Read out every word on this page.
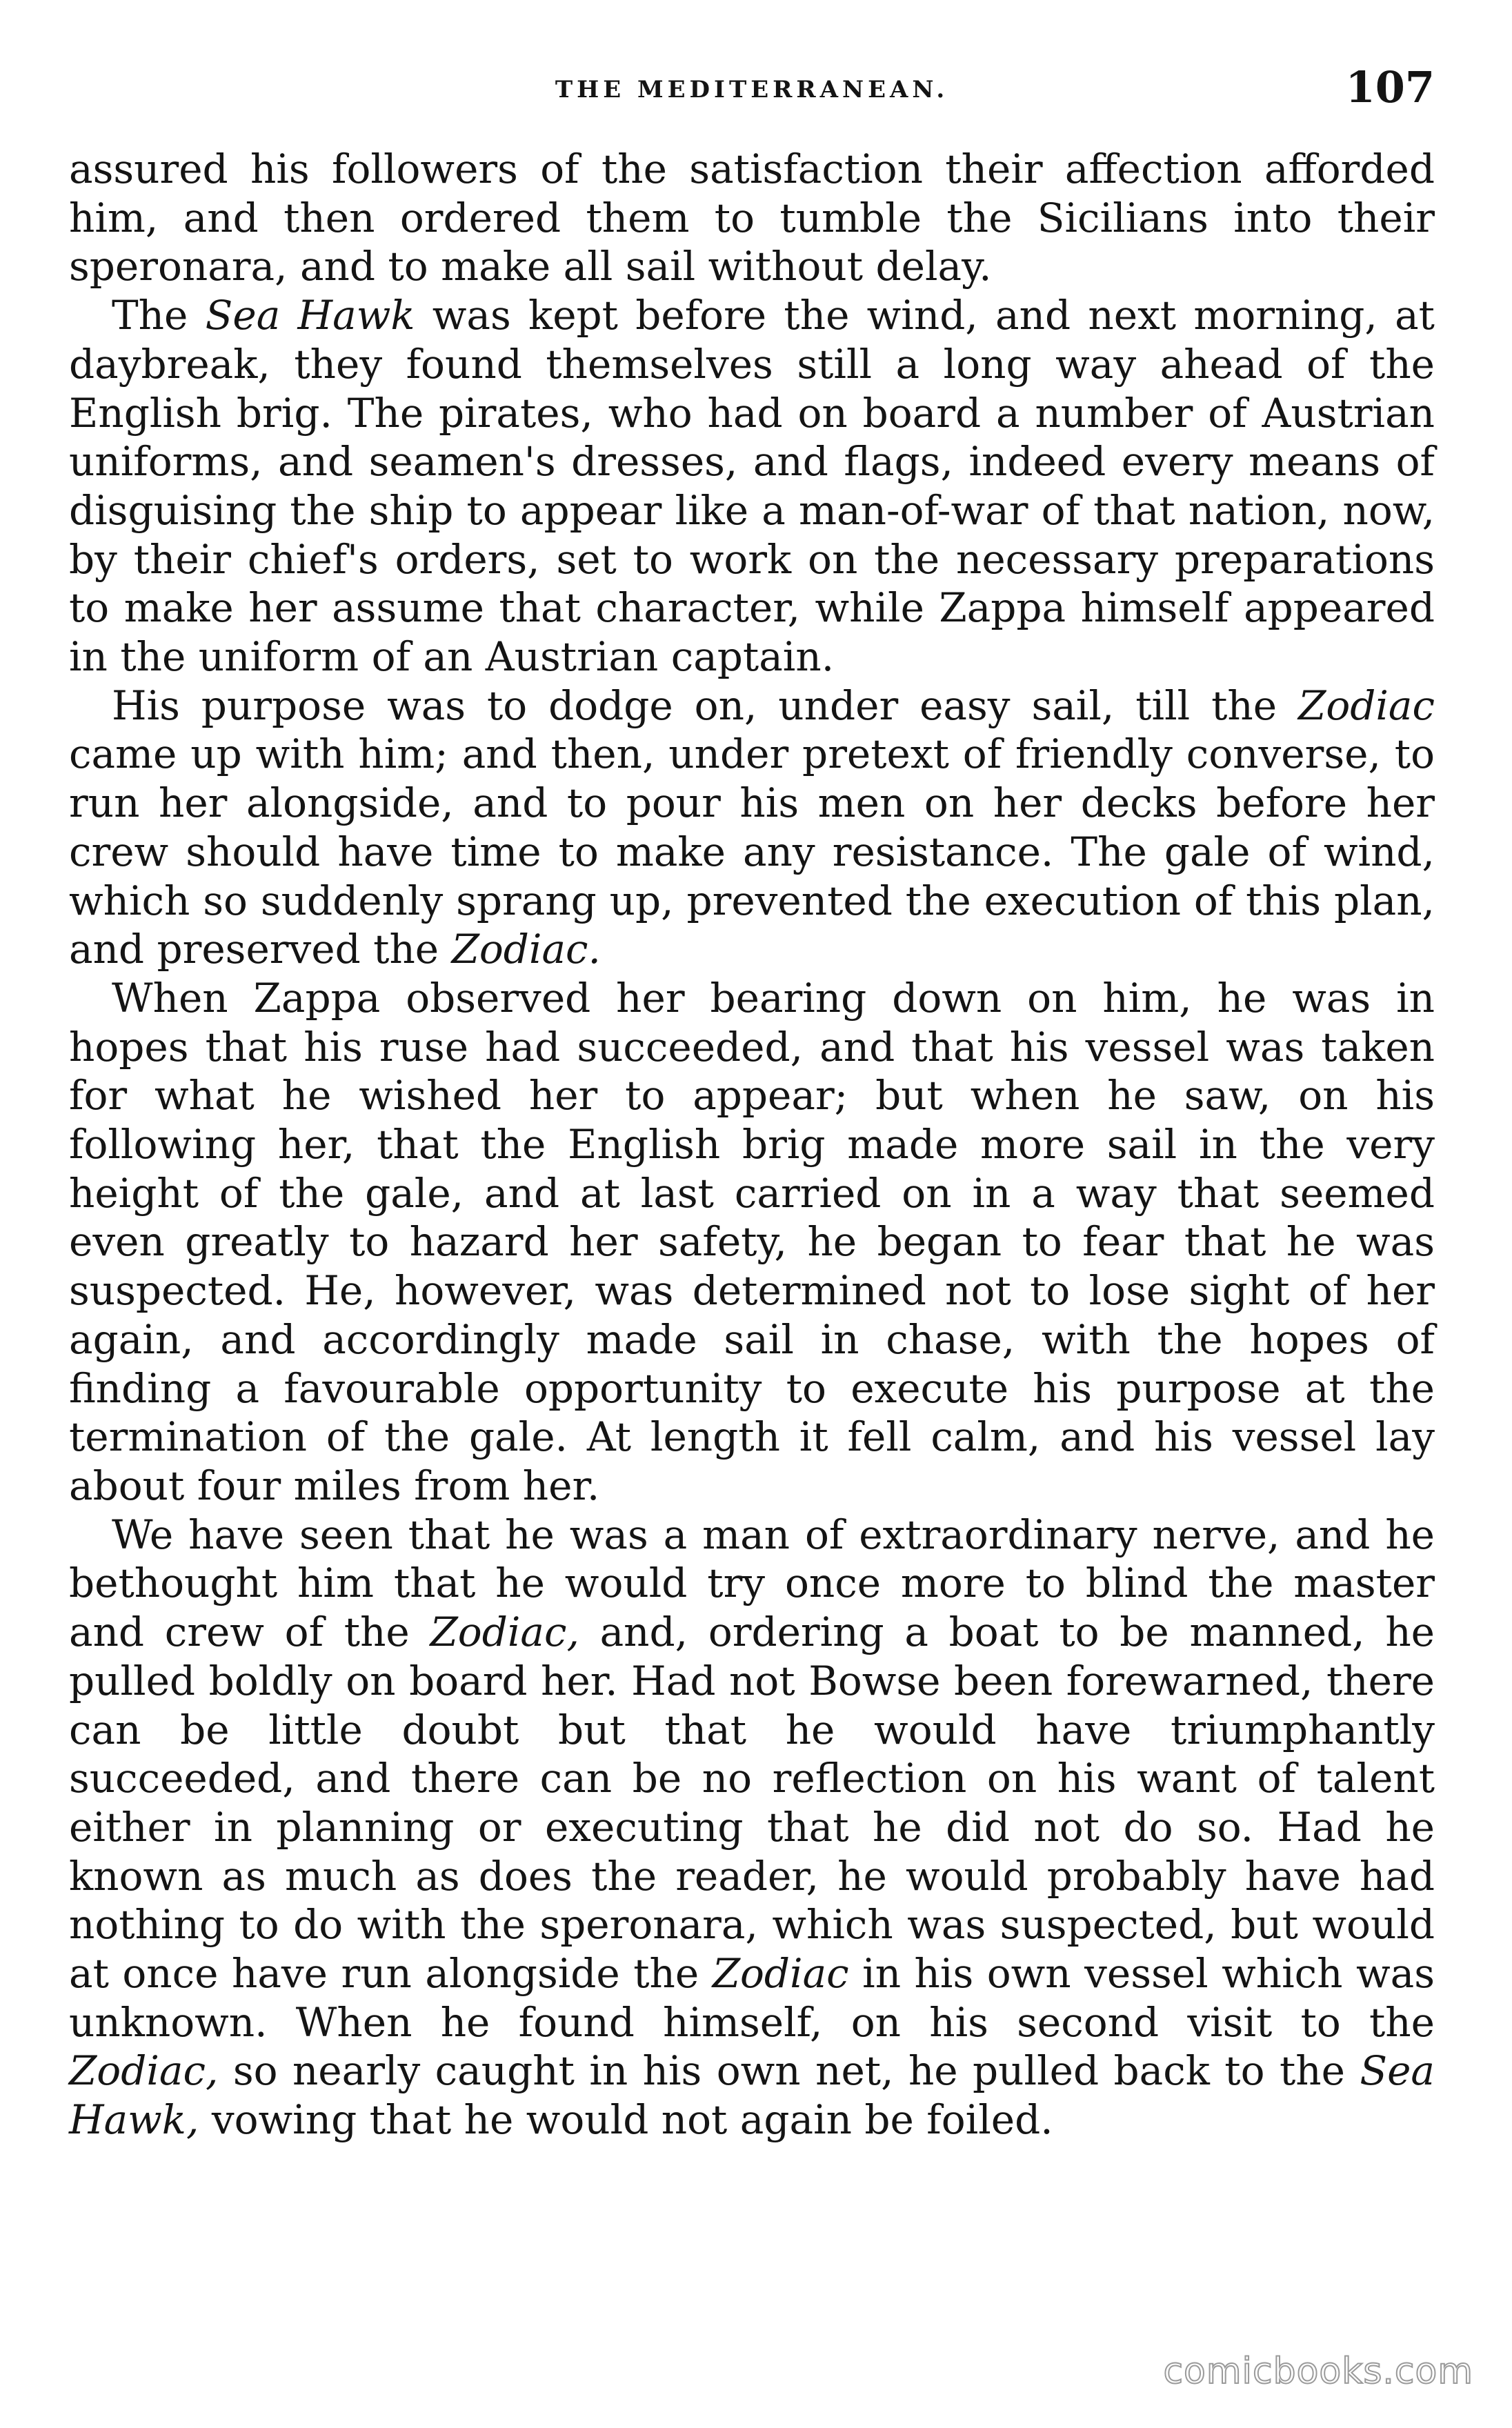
THE MEDITERRANEAN.	107

assured his followers of the satisfaction their affection afforded him, and then ordered them to tumble the Sicilians into their speronara, and to make all sail without delay.

The Sea Hawk was kept before the wind, and next morning, at daybreak, they found themselves still a long way ahead of the English brig. The pirates, who had on board a number of Austrian uniforms, and seamen's dresses, and flags, indeed every means of disguising the ship to appear like a man-of-war of that nation, now, by their chief's orders, set to work on the necessary preparations to make her assume that character, while Zappa himself appeared in the uniform of an Austrian captain.

His purpose was to dodge on, under easy sail, till the Zodiac came up with him; and then, under pretext of friendly converse, to run her alongside, and to pour his men on her decks before her crew should have time to make any resistance. The gale of wind, which so suddenly sprang up, prevented the execution of this plan, and preserved the Zodiac.

When Zappa observed her bearing down on him, he was in hopes that his ruse had succeeded, and that his vessel was taken for what he wished her to appear; but when he saw, on his following her, that the English brig made more sail in the very height of the gale, and at last carried on in a way that seemed even greatly to hazard her safety, he began to fear that he was suspected. He, however, was determined not to lose sight of her again, and accordingly made sail in chase, with the hopes of finding a favourable opportunity to execute his purpose at the termination of the gale. At length it fell calm, and his vessel lay about four miles from her.

We have seen that he was a man of extraordinary nerve, and he bethought him that he would try once more to blind the master and crew of the Zodiac, and, ordering a boat to be manned, he pulled boldly on board her. Had not Bowse been forewarned, there can be little doubt but that he would have triumphantly succeeded, and there can be no reflection on his want of talent either in planning or executing that he did not do so. Had he known as much as does the reader, he would probably have had nothing to do with the speronara, which was suspected, but would at once have run alongside the Zodiac in his own vessel which was unknown. When he found himself, on his second visit to the Zodiac, so nearly caught in his own net, he pulled back to the Sea Hawk, vowing that he would not again be foiled.

comicbooks.com
